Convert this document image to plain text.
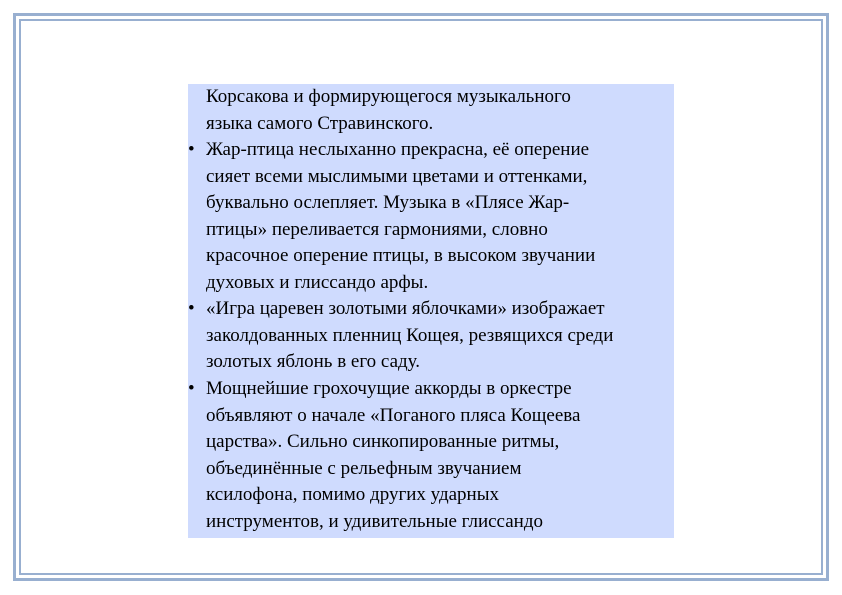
Корсакова и формирующегося музыкального
языка самого Стравинского.
• Жар-птица неслыханно прекрасна, её оперение
сияет всеми мыслимыми цветами и оттенками,
буквально ослепляет. Музыка в «Плясе Жар-
птицы» переливается гармониями, словно
красочное оперение птицы, в высоком звучании
духовых и глиссандо арфы.
• «Игра царевен золотыми яблочками» изображает
заколдованных пленниц Кощея, резвящихся среди
золотых яблонь в его саду.
• Мощнейшие грохочущие аккорды в оркестре
объявляют о начале «Поганого пляса Кощеева
царства». Сильно синкопированные ритмы,
объединённые с рельефным звучанием
ксилофона, помимо других ударных
инструментов, и удивительные глиссандо
